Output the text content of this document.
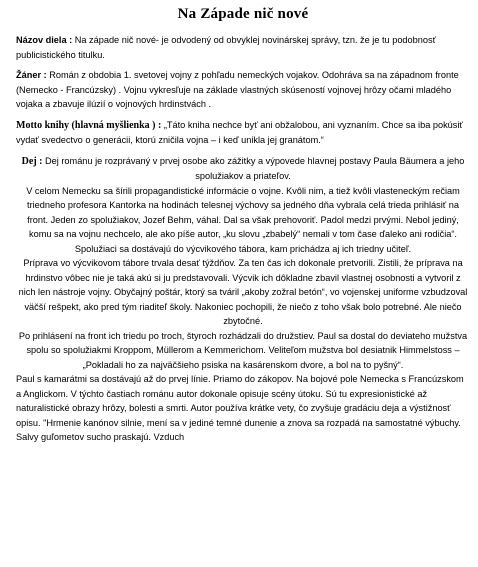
Na Západe nič nové

Názov diela : Na západe nič nové- je odvodený od obvyklej novinárskej správy, tzn. že je tu podobnosť publicistického titulku.

Žáner : Román z obdobia 1. svetovej vojny z pohľadu nemeckých vojakov. Odohráva sa na západnom fronte (Nemecko - Francúzsky) . Vojnu vykresľuje na základe vlastných skúseností vojnovej hrôzy očami mladého vojaka a zbavuje ilúzií o vojnových hrdinstvách .

Motto knihy (hlavná myšlienka ) : „Táto kniha nechce byť ani obžalobou, ani vyznaním. Chce sa iba pokúsiť vydať svedectvo o generácii, ktorú zničila vojna – i keď unikla jej granátom.“

Dej : Dej románu je rozprávaný v prvej osobe ako zážitky a výpovede hlavnej postavy Paula Bäumera a jeho spolužiakov a priateľov.

V celom Nemecku sa šírili propagandistické informácie o vojne. Kvôli nim, a tiež kvôli vlasteneckým rečiam triedneho profesora Kantorka na hodinách telesnej výchovy sa jedného dňa vybrala celá trieda prihlásiť na front. Jeden zo spolužiakov, Jozef Behm, váhal. Dal sa však prehovoriť. Padol medzi prvými. Nebol jediný, komu sa na vojnu nechcelo, ale ako píše autor, „ku slovu „zbabelý“ nemali v tom čase ďaleko ani rodičia“. Spolužiaci sa dostávajú do výcvikového tábora, kam prichádza aj ich triedny učiteľ.

Príprava vo výcvikovom tábore trvala desať týždňov. Za ten čas ich dokonale pretvorili. Zistili, že príprava na hrdinstvo vôbec nie je taká akú si ju predstavovali. Výcvik ich dôkladne zbavil vlastnej osobnosti a vytvoril z nich len nástroje vojny. Obyčajný poštár, ktorý sa tváril „akoby zožral betón“, vo vojenskej uniforme vzbudzoval väčší rešpekt, ako pred tým riaditeľ školy. Nakoniec pochopili, že niečo z toho však bolo potrebné. Ale niečo zbytočné.

Po prihlásení na front ich triedu po troch, štyroch rozhádzali do družstiev. Paul sa dostal do deviateho mužstva spolu so spolužiakmi Kroppom, Müllerom a Kemmerichom. Veliteľom mužstva bol desiatnik Himmelstoss – „Pokladali ho za najväčšieho psiska na kasárenskom dvore, a bol na to pyšný“.

Paul s kamarátmi sa dostávajú až do prvej línie. Priamo do zákopov. Na bojové pole Nemecka s Francúzskom a Anglickom. V týchto častiach románu autor dokonale opisuje scény útoku. Sú tu expresionistické až naturalistické obrazy hrôzy, bolesti a smrti. Autor používa krátke vety, čo zvyšuje gradáciu deja a výstižnosť opisu. "Hrmenie kanónov silnie, mení sa v jediné temné dunenie a znova sa rozpadá na samostatné výbuchy. Salvy guľometov sucho praskajú. Vzduch
